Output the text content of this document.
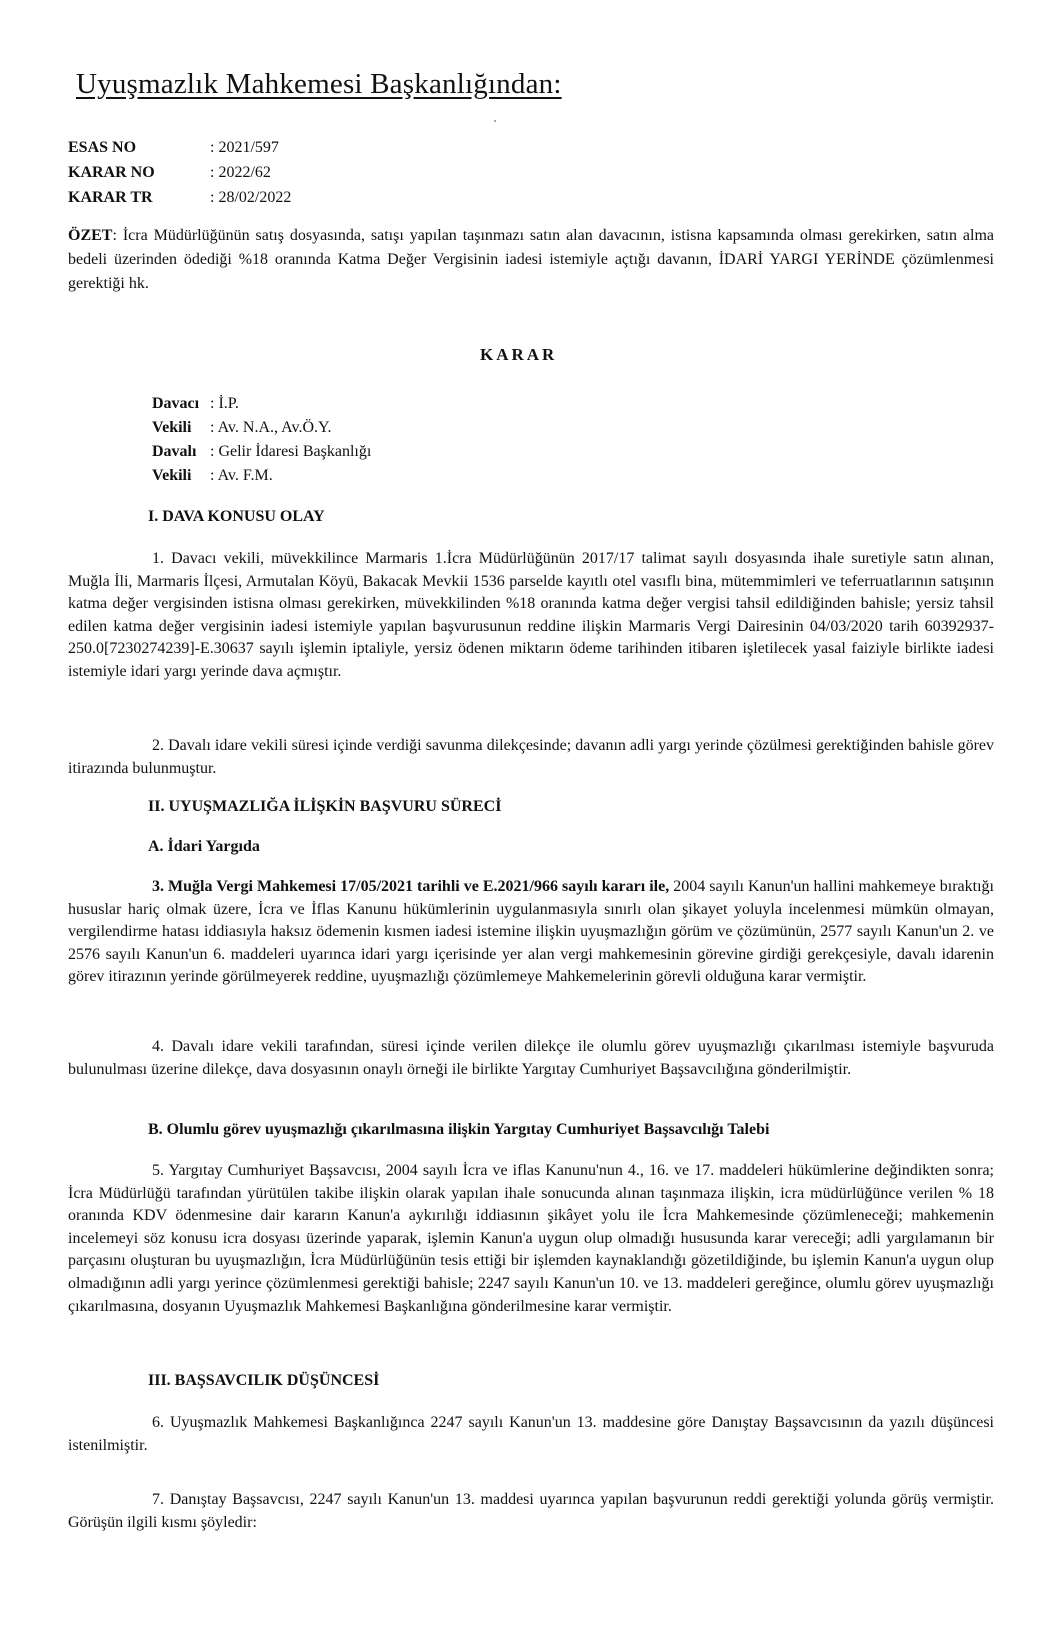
Uyuşmazlık Mahkemesi Başkanlığından:
ESAS NO	: 2021/597
KARAR NO	: 2022/62
KARAR TR	: 28/02/2022

ÖZET: İcra Müdürlüğünün satış dosyasında, satışı yapılan taşınmazı satın alan davacının, istisna kapsamında olması gerekirken, satın alma bedeli üzerinden ödediği %18 oranında Katma Değer Vergisinin iadesi istemiyle açtığı davanın, İDARİ YARGI YERİNDE çözümlenmesi gerektiği hk.

KARAR
Davacı : İ.P.
Vekili	: Av. N.A., Av.Ö.Y.
Davalı : Gelir İdaresi Başkanlığı
Vekili	: Av. F.M.
I. DAVA KONUSU OLAY

1. Davacı vekili, müvekkilince Marmaris 1.İcra Müdürlüğünün 2017/17 talimat sayılı dosyasında ihale suretiyle satın alınan, Muğla İli, Marmaris İlçesi, Armutalan Köyü, Bakacak Mevkii 1536 parselde kayıtlı otel vasıflı bina, mütemmimleri ve teferruatlarının satışının katma değer vergisinden istisna olması gerekirken, müvekkilinden %18 oranında katma değer vergisi tahsil edildiğinden bahisle; yersiz tahsil edilen katma değer vergisinin iadesi istemiyle yapılan başvurusunun reddine ilişkin Marmaris Vergi Dairesinin 04/03/2020 tarih 60392937-250.0[7230274239]-E.30637 sayılı işlemin iptaliyle, yersiz ödenen miktarın ödeme tarihinden itibaren işletilecek yasal faiziyle birlikte iadesi istemiyle idari yargı yerinde dava açmıştır.

2. Davalı idare vekili süresi içinde verdiği savunma dilekçesinde; davanın adli yargı yerinde çözülmesi gerektiğinden bahisle görev itirazında bulunmuştur.

II. UYUŞMAZLIĞA İLİŞKİN BAŞVURU SÜRECİ
A. İdari Yargıda

3. Muğla Vergi Mahkemesi 17/05/2021 tarihli ve E.2021/966 sayılı kararı ile, 2004 sayılı Kanun'un hallini mahkemeye bıraktığı hususlar hariç olmak üzere, İcra ve İflas Kanunu hükümlerinin uygulanmasıyla sınırlı olan şikayet yoluyla incelenmesi mümkün olmayan, vergilendirme hatası iddiasıyla haksız ödemenin kısmen iadesi istemine ilişkin uyuşmazlığın görüm ve çözümünün, 2577 sayılı Kanun'un 2. ve 2576 sayılı Kanun'un 6. maddeleri uyarınca idari yargı içerisinde yer alan vergi mahkemesinin görevine girdiği gerekçesiyle, davalı idarenin görev itirazının yerinde görülmeyerek reddine, uyuşmazlığı çözümlemeye Mahkemelerinin görevli olduğuna karar vermiştir.

4. Davalı idare vekili tarafından, süresi içinde verilen dilekçe ile olumlu görev uyuşmazlığı çıkarılması istemiyle başvuruda bulunulması üzerine dilekçe, dava dosyasının onaylı örneği ile birlikte Yargıtay Cumhuriyet Başsavcılığına gönderilmiştir.

B. Olumlu görev uyuşmazlığı çıkarılmasına ilişkin Yargıtay Cumhuriyet Başsavcılığı Talebi

5. Yargıtay Cumhuriyet Başsavcısı, 2004 sayılı İcra ve iflas Kanunu'nun 4., 16. ve 17. maddeleri hükümlerine değindikten sonra; İcra Müdürlüğü tarafından yürütülen takibe ilişkin olarak yapılan ihale sonucunda alınan taşınmaza ilişkin, icra müdürlüğünce verilen % 18 oranında KDV ödenmesine dair kararın Kanun'a aykırılığı iddiasının şikâyet yolu ile İcra Mahkemesinde çözümleneceği; mahkemenin incelemeyi söz konusu icra dosyası üzerinde yaparak, işlemin Kanun'a uygun olup olmadığı hususunda karar vereceği; adli yargılamanın bir parçasını oluşturan bu uyuşmazlığın, İcra Müdürlüğünün tesis ettiği bir işlemden kaynaklandığı gözetildiğinde, bu işlemin Kanun'a uygun olup olmadığının adli yargı yerince çözümlenmesi gerektiği bahisle; 2247 sayılı Kanun'un 10. ve 13. maddeleri gereğince, olumlu görev uyuşmazlığı çıkarılmasına, dosyanın Uyuşmazlık Mahkemesi Başkanlığına gönderilmesine karar vermiştir.

III. BAŞSAVCILIK DÜŞÜNCESİ

6. Uyuşmazlık Mahkemesi Başkanlığınca 2247 sayılı Kanun'un 13. maddesine göre Danıştay Başsavcısının da yazılı düşüncesi istenilmiştir.

7. Danıştay Başsavcısı, 2247 sayılı Kanun'un 13. maddesi uyarınca yapılan başvurunun reddi gerektiği yolunda görüş vermiştir. Görüşün ilgili kısmı şöyledir:
